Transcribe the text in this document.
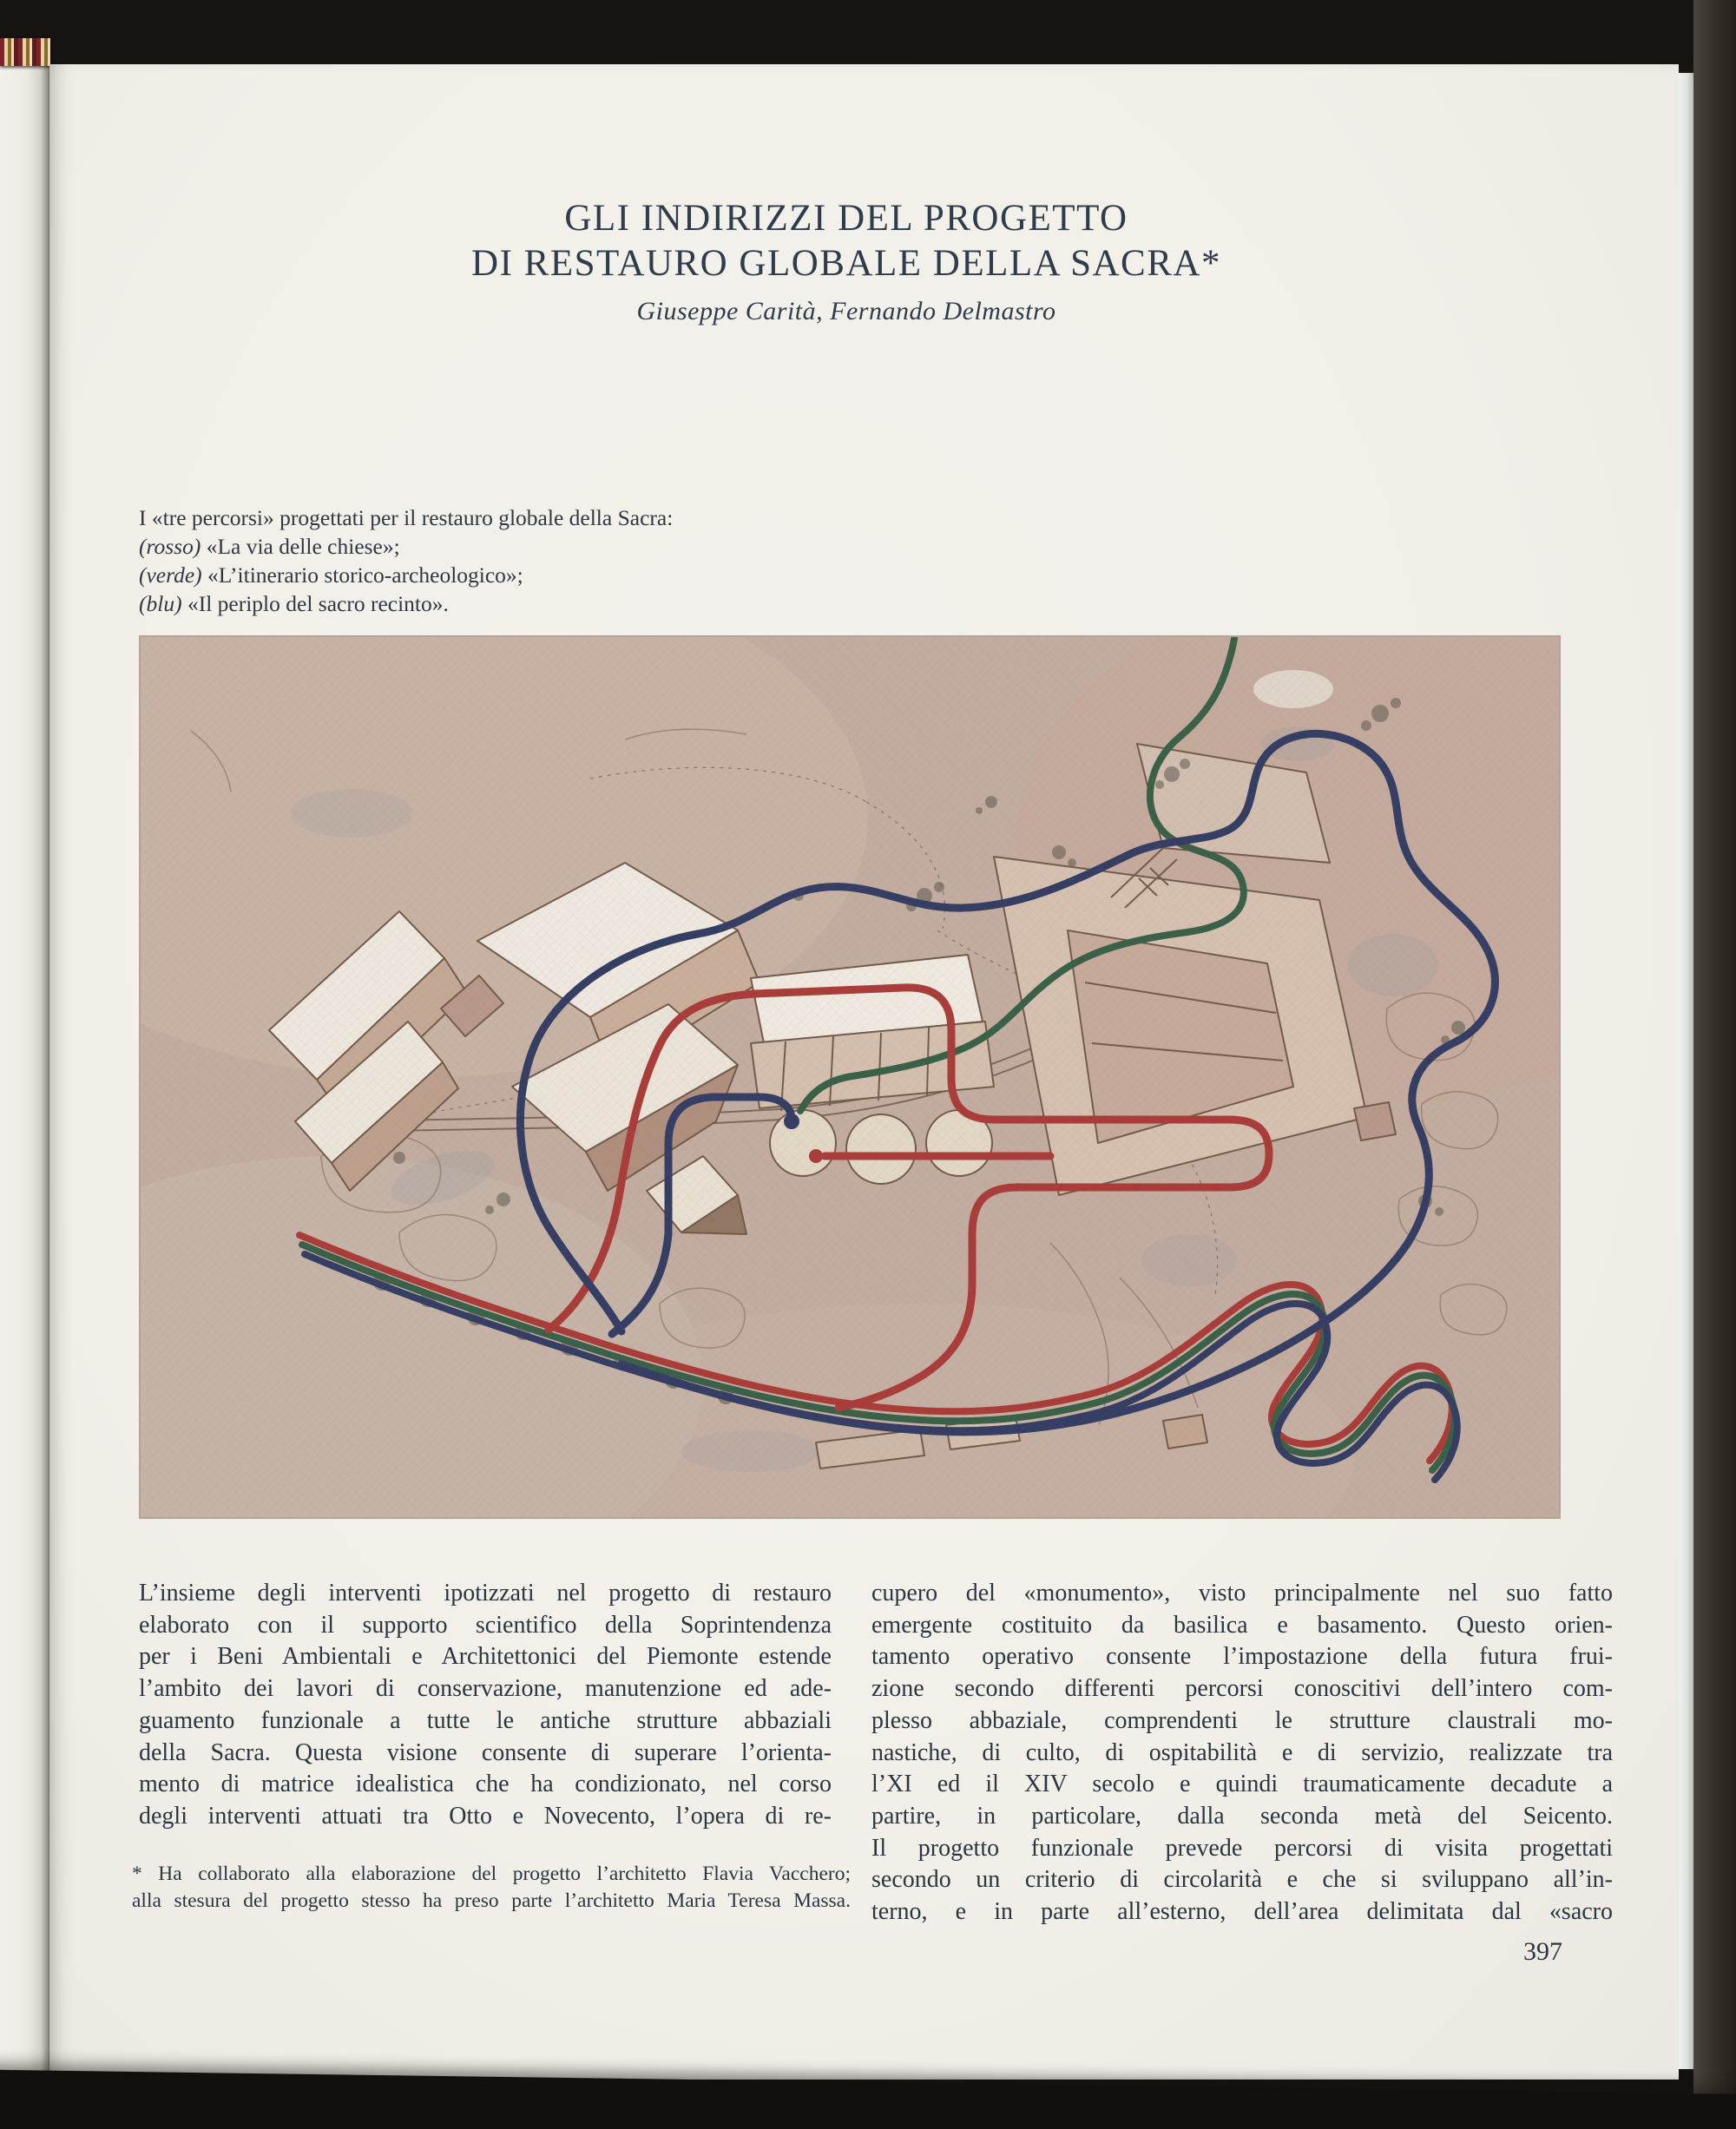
GLI INDIRIZZI DEL PROGETTO
DI RESTAURO GLOBALE DELLA SACRA*
Giuseppe Carità, Fernando Delmastro
I «tre percorsi» progettati per il restauro globale della Sacra:
(rosso) «La via delle chiese»;
(verde) «L’itinerario storico-archeologico»;
(blu) «Il periplo del sacro recinto».
L’insieme degli interventi ipotizzati nel progetto di restauro
elaborato con il supporto scientifico della Soprintendenza
per i Beni Ambientali e Architettonici del Piemonte estende
l’ambito dei lavori di conservazione, manutenzione ed ade-
guamento funzionale a tutte le antiche strutture abbaziali
della Sacra. Questa visione consente di superare l’orienta-
mento di matrice idealistica che ha condizionato, nel corso
degli interventi attuati tra Otto e Novecento, l’opera di re-
cupero del «monumento», visto principalmente nel suo fatto
emergente costituito da basilica e basamento. Questo orien-
tamento operativo consente l’impostazione della futura frui-
zione secondo differenti percorsi conoscitivi dell’intero com-
plesso abbaziale, comprendenti le strutture claustrali mo-
nastiche, di culto, di ospitabilità e di servizio, realizzate tra
l’XI ed il XIV secolo e quindi traumaticamente decadute a
partire, in particolare, dalla seconda metà del Seicento.
Il progetto funzionale prevede percorsi di visita progettati
secondo un criterio di circolarità e che si sviluppano all’in-
terno, e in parte all’esterno, dell’area delimitata dal «sacro
* Ha collaborato alla elaborazione del progetto l’architetto Flavia Vacchero;
alla stesura del progetto stesso ha preso parte l’architetto Maria Teresa Massa.
397
